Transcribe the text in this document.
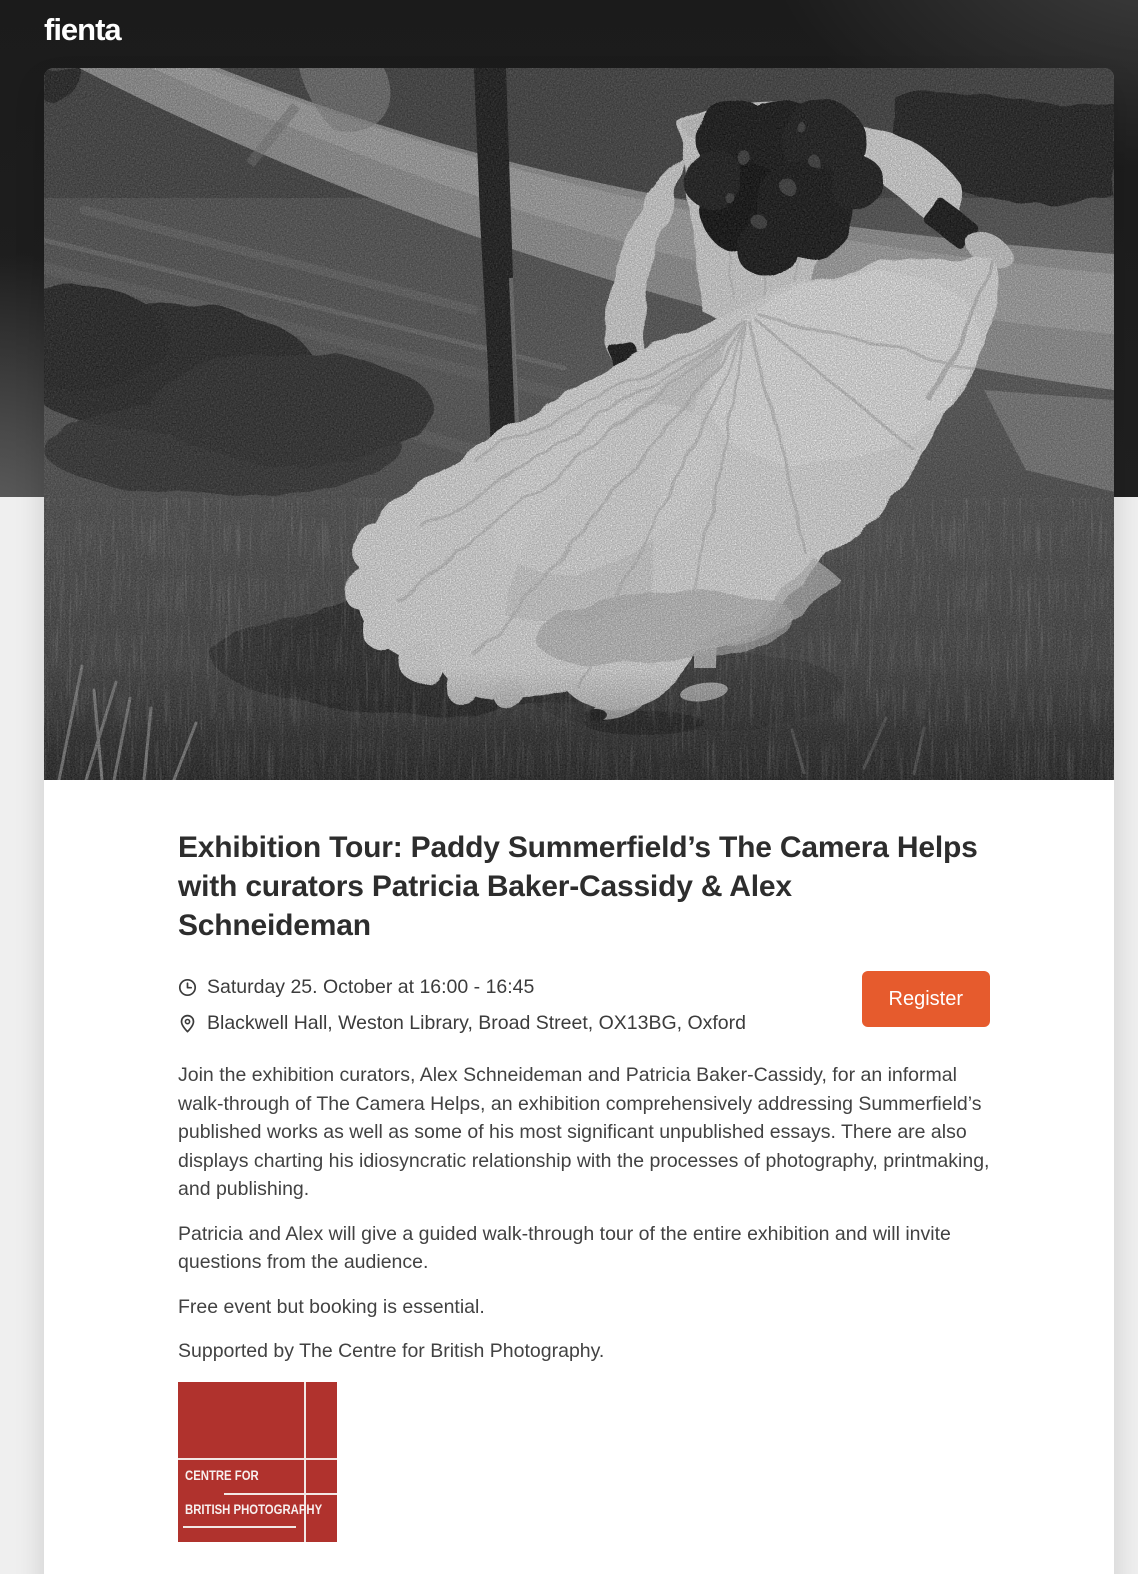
fienta
Exhibition Tour: Paddy Summerfield’s The Camera Helps with curators Patricia Baker-Cassidy & Alex Schneideman
Saturday 25. October at 16:00 - 16:45
Blackwell Hall, Weston Library, Broad Street, OX13BG, Oxford
Register

Join the exhibition curators, Alex Schneideman and Patricia Baker-Cassidy, for an informal walk-through of The Camera Helps, an exhibition comprehensively addressing Summerfield’s published works as well as some of his most significant unpublished essays. There are also displays charting his idiosyncratic relationship with the processes of photography, printmaking, and publishing.

Patricia and Alex will give a guided walk-through tour of the entire exhibition and will invite questions from the audience.

Free event but booking is essential.

Supported by The Centre for British Photography.

CENTRE FOR
BRITISH PHOTOGRAPHY
